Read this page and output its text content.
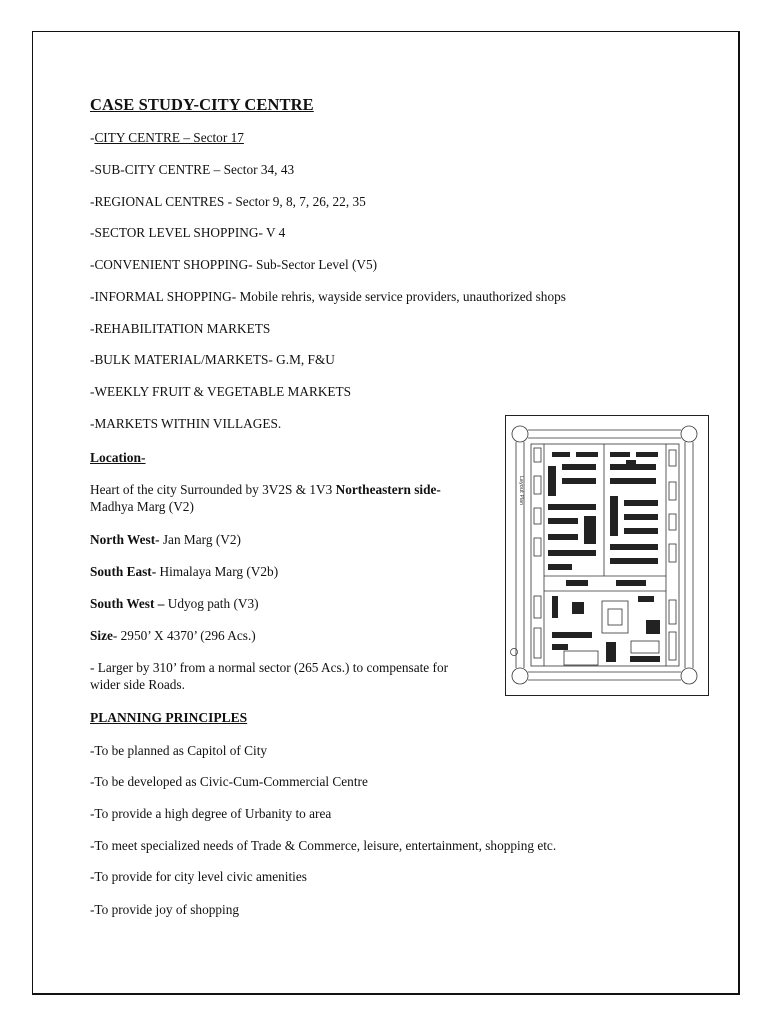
CASE STUDY-CITY CENTRE
-CITY CENTRE – Sector 17
-SUB-CITY CENTRE – Sector 34, 43
-REGIONAL CENTRES - Sector 9, 8, 7, 26, 22, 35
-SECTOR LEVEL SHOPPING- V 4
-CONVENIENT SHOPPING- Sub-Sector Level (V5)
-INFORMAL SHOPPING- Mobile rehris, wayside service providers, unauthorized shops
-REHABILITATION MARKETS
-BULK MATERIAL/MARKETS- G.M, F&U
-WEEKLY FRUIT & VEGETABLE MARKETS
-MARKETS WITHIN VILLAGES.
Location-
Heart of the city Surrounded by 3V2S & 1V3 Northeastern side-
Madhya Marg (V2)
North West- Jan Marg (V2)
South East- Himalaya Marg (V2b)
South West – Udyog path (V3)
Size- 2950’ X 4370’ (296 Acs.)
- Larger by 310’ from a normal sector (265 Acs.) to compensate for wider side Roads.
Layout Plan
PLANNING PRINCIPLES
-To be planned as Capitol of City
-To be developed as Civic-Cum-Commercial Centre
-To provide a high degree of Urbanity to area
-To meet specialized needs of Trade & Commerce, leisure, entertainment, shopping etc.
-To provide for city level civic amenities
-To provide joy of shopping
